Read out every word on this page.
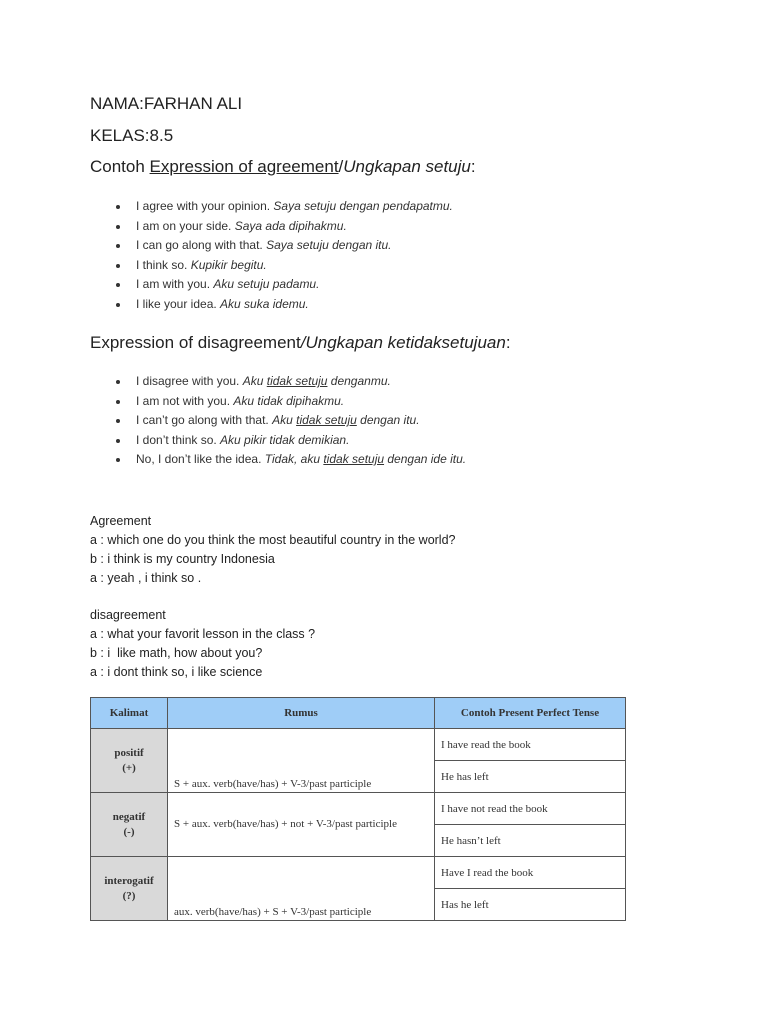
NAMA:FARHAN ALI

KELAS:8.5

Contoh Expression of agreement/Ungkapan setuju:

I agree with your opinion. Saya setuju dengan pendapatmu.
I am on your side. Saya ada dipihakmu.
I can go along with that. Saya setuju dengan itu.
I think so. Kupikir begitu.
I am with you. Aku setuju padamu.
I like your idea. Aku suka idemu.

Expression of disagreement/Ungkapan ketidaksetujuan:

I disagree with you. Aku tidak setuju denganmu.
I am not with you. Aku tidak dipihakmu.
I can’t go along with that. Aku tidak setuju dengan itu.
I don’t think so. Aku pikir tidak demikian.
No, I don’t like the idea. Tidak, aku tidak setuju dengan ide itu.
Agreement
a : which one do you think the most beautiful country in the world?
b : i think is my country Indonesia
a : yeah , i think so .
disagreement
a : what your favorit lesson in the class ?
b : i  like math, how about you?
a : i dont think so, i like science
Kalimat	Rumus	Contoh Present Perfect Tense
positif
(+)	S + aux. verb(have/has) + V-3/past participle	I have read the book
		He has left
negatif
(-)	S + aux. verb(have/has) + not + V-3/past participle	I have not read the book
		He hasn’t left
interogatif
(?)	aux. verb(have/has) + S + V-3/past participle	Have I read the book
		Has he left
